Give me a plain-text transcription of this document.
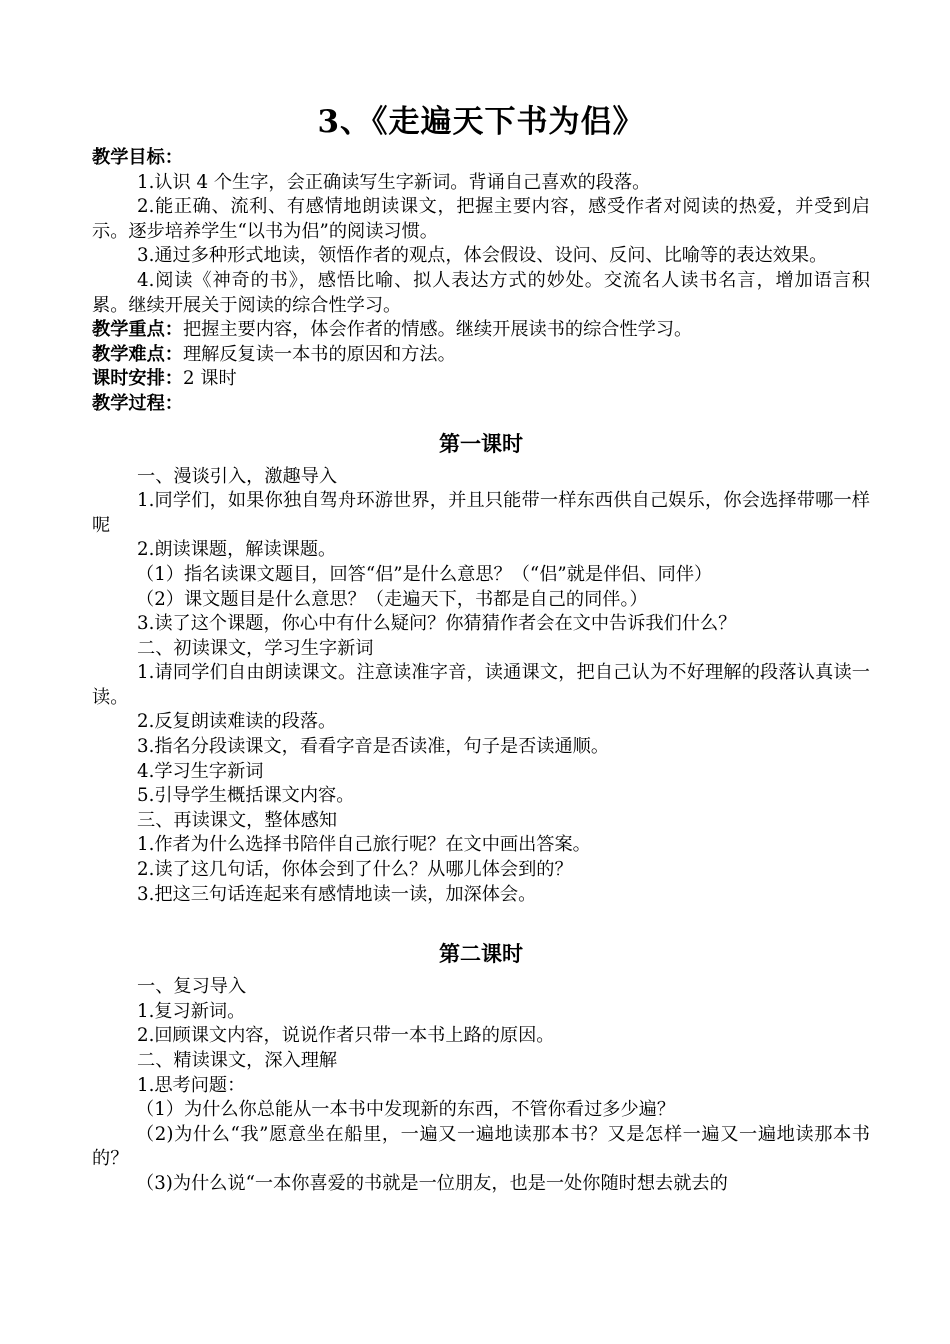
3、《走遍天下书为侣》
教学目标：
1.认识 4 个生字，会正确读写生字新词。背诵自己喜欢的段落。
2.能正确、流利、有感情地朗读课文，把握主要内容，感受作者对阅读的热爱，并受到启示。逐步培养学生“以书为侣”的阅读习惯。
3.通过多种形式地读，领悟作者的观点，体会假设、设问、反问、比喻等的表达效果。
4.阅读《神奇的书》，感悟比喻、拟人表达方式的妙处。交流名人读书名言，增加语言积累。继续开展关于阅读的综合性学习。
教学重点：把握主要内容，体会作者的情感。继续开展读书的综合性学习。
教学难点：理解反复读一本书的原因和方法。
课时安排：2 课时
教学过程：
第一课时
一、漫谈引入，激趣导入
1.同学们，如果你独自驾舟环游世界，并且只能带一样东西供自己娱乐，你会选择带哪一样呢
2.朗读课题，解读课题。
（1）指名读课文题目，回答“侣”是什么意思？（“侣”就是伴侣、同伴）
（2）课文题目是什么意思？（走遍天下，书都是自己的同伴。）
3.读了这个课题，你心中有什么疑问？你猜猜作者会在文中告诉我们什么？
二、初读课文，学习生字新词
1.请同学们自由朗读课文。注意读准字音，读通课文，把自己认为不好理解的段落认真读一读。
2.反复朗读难读的段落。
3.指名分段读课文，看看字音是否读准，句子是否读通顺。
4.学习生字新词
5.引导学生概括课文内容。
三、再读课文，整体感知
1.作者为什么选择书陪伴自己旅行呢？在文中画出答案。
2.读了这几句话，你体会到了什么？从哪儿体会到的？
3.把这三句话连起来有感情地读一读，加深体会。
第二课时
一、复习导入
1.复习新词。
2.回顾课文内容，说说作者只带一本书上路的原因。
二、精读课文，深入理解
1.思考问题：
（1）为什么你总能从一本书中发现新的东西，不管你看过多少遍？
（2)为什么“我”愿意坐在船里，一遍又一遍地读那本书？又是怎样一遍又一遍地读那本书的？
（3)为什么说“一本你喜爱的书就是一位朋友，也是一处你随时想去就去的
